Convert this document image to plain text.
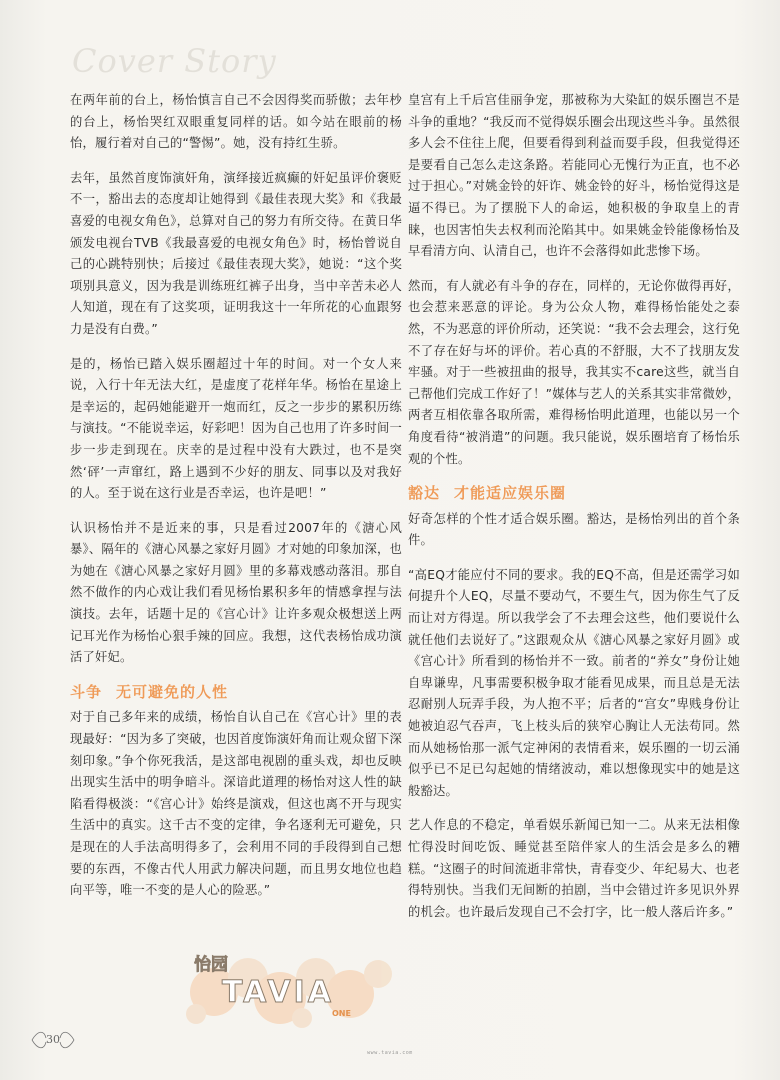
Cover Story

在两年前的台上，杨怡慎言自己不会因得奖而骄傲；去年杪的台上，杨怡哭红双眼重复同样的话。如今站在眼前的杨怡，履行着对自己的“警惕”。她，没有持红生骄。

去年，虽然首度饰演奸角，演绎接近疯癫的奸妃虽评价褒贬不一，豁出去的态度却让她得到《最佳表现大奖》和《我最喜爱的电视女角色》，总算对自己的努力有所交待。在黄日华颁发电视台TVB《我最喜爱的电视女角色》时，杨怡曾说自己的心跳特别快；后接过《最佳表现大奖》，她说：“这个奖项别具意义，因为我是训练班红裤子出身，当中辛苦未必人人知道，现在有了这奖项，证明我这十一年所花的心血跟努力是没有白费。”

是的，杨怡已踏入娱乐圈超过十年的时间。对一个女人来说，入行十年无法大红，是虚度了花样年华。杨怡在星途上是幸运的，起码她能避开一炮而红，反之一步步的累积历练与演技。“不能说幸运，好彩吧！因为自己也用了许多时间一步一步走到现在。庆幸的是过程中没有大跌过，也不是突然‘砰’一声窜红，路上遇到不少好的朋友、同事以及对我好的人。至于说在这行业是否幸运，也许是吧！”

认识杨怡并不是近来的事，只是看过2007年的《溏心风暴》、隔年的《溏心风暴之家好月圆》才对她的印象加深，也为她在《溏心风暴之家好月圆》里的多幕戏感动落泪。那自然不做作的内心戏让我们看见杨怡累积多年的情感拿捏与法演技。去年，话题十足的《宫心计》让许多观众极想送上两记耳光作为杨怡心狠手辣的回应。我想，这代表杨怡成功演活了奸妃。

斗争 无可避免的人性

对于自己多年来的成绩，杨怡自认自己在《宫心计》里的表现最好：“因为多了突破，也因首度饰演奸角而让观众留下深刻印象。”争个你死我活，是这部电视剧的重头戏，却也反映出现实生活中的明争暗斗。深谙此道理的杨怡对这人性的缺陷看得极淡：“《宫心计》始终是演戏，但这也离不开与现实生活中的真实。这千古不变的定律，争名逐利无可避免，只是现在的人手法高明得多了，会利用不同的手段得到自己想要的东西，不像古代人用武力解决问题，而且男女地位也趋向平等，唯一不变的是人心的险恶。”

皇宫有上千后宫佳丽争宠，那被称为大染缸的娱乐圈岂不是斗争的重地？“我反而不觉得娱乐圈会出现这些斗争。虽然很多人会不住往上爬，但要看得到利益而耍手段，但我觉得还是要看自己怎么走这条路。若能同心无愧行为正直，也不必过于担心。”对姚金铃的奸诈、姚金铃的好斗，杨怡觉得这是逼不得已。为了摆脱下人的命运，她积极的争取皇上的青睐，也因害怕失去权利而沦陷其中。如果姚金铃能像杨怡及早看清方向、认清自己，也许不会落得如此悲惨下场。

然而，有人就必有斗争的存在，同样的，无论你做得再好，也会惹来恶意的评论。身为公众人物，难得杨怡能处之泰然，不为恶意的评价所动，还笑说：“我不会去理会，这行免不了存在好与坏的评价。若心真的不舒服，大不了找朋友发牢骚。对于一些被扭曲的报导，我其实不care这些，就当自己帮他们完成工作好了！”媒体与艺人的关系其实非常微妙，两者互相依靠各取所需，难得杨怡明此道理，也能以另一个角度看待“被消遣”的问题。我只能说，娱乐圈培育了杨怡乐观的个性。

豁达 才能适应娱乐圈

好奇怎样的个性才适合娱乐圈。豁达，是杨怡列出的首个条件。

“高EQ才能应付不同的要求。我的EQ不高，但是还需学习如何提升个人EQ，尽量不要动气，不要生气，因为你生气了反而让对方得逞。所以我学会了不去理会这些，他们要说什么就任他们去说好了。”这跟观众从《溏心风暴之家好月圆》或《宫心计》所看到的杨怡并不一致。前者的“养女”身份让她自卑谦卑，凡事需要积极争取才能看见成果，而且总是无法忍耐别人玩弄手段，为人抱不平；后者的“宫女”卑贱身份让她被迫忍气吞声，飞上枝头后的狭窄心胸让人无法苟同。然而从她杨怡那一派气定神闲的表情看来，娱乐圈的一切云涌似乎已不足已勾起她的情绪波动，难以想像现实中的她是这般豁达。

艺人作息的不稳定，单看娱乐新闻已知一二。从来无法相像忙得没时间吃饭、睡觉甚至陪伴家人的生活会是多么的糟糕。“这圈子的时间流逝非常快，青春变少、年纪易大、也老得特别快。当我们无间断的拍剧，当中会错过许多见识外界的机会。也许最后发现自己不会打字，比一般人落后许多。”

怡园
TAVIA
ONE
30
www.tavia.com
